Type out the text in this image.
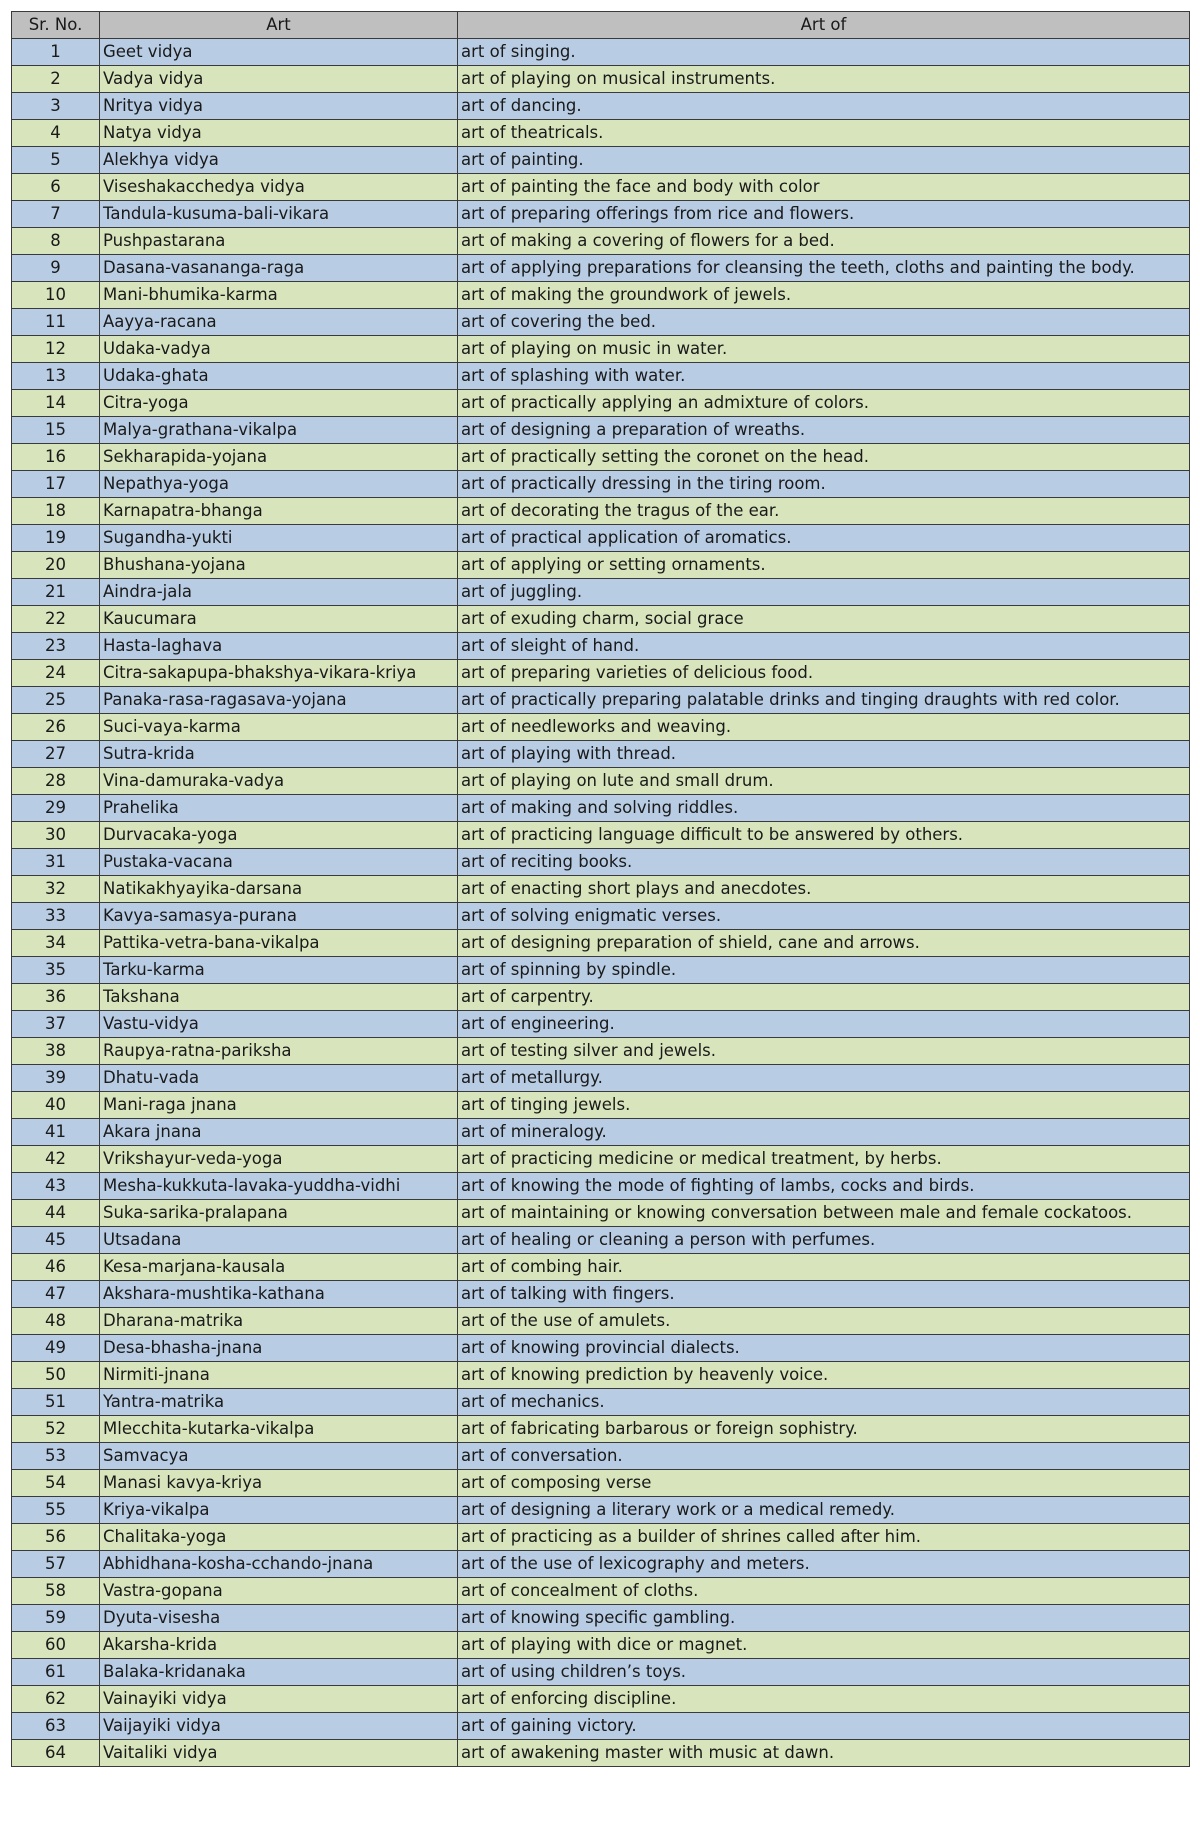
Sr. No.	Art	Art of
1	Geet vidya	art of singing.
2	Vadya vidya	art of playing on musical instruments.
3	Nritya vidya	art of dancing.
4	Natya vidya	art of theatricals.
5	Alekhya vidya	art of painting.
6	Viseshakacchedya vidya	art of painting the face and body with color
7	Tandula-kusuma-bali-vikara	art of preparing offerings from rice and flowers.
8	Pushpastarana	art of making a covering of flowers for a bed.
9	Dasana-vasananga-raga	art of applying preparations for cleansing the teeth, cloths and painting the body.
10	Mani-bhumika-karma	art of making the groundwork of jewels.
11	Aayya-racana	art of covering the bed.
12	Udaka-vadya	art of playing on music in water.
13	Udaka-ghata	art of splashing with water.
14	Citra-yoga	art of practically applying an admixture of colors.
15	Malya-grathana-vikalpa	art of designing a preparation of wreaths.
16	Sekharapida-yojana	art of practically setting the coronet on the head.
17	Nepathya-yoga	art of practically dressing in the tiring room.
18	Karnapatra-bhanga	art of decorating the tragus of the ear.
19	Sugandha-yukti	art of practical application of aromatics.
20	Bhushana-yojana	art of applying or setting ornaments.
21	Aindra-jala	art of juggling.
22	Kaucumara	art of exuding charm, social grace
23	Hasta-laghava	art of sleight of hand.
24	Citra-sakapupa-bhakshya-vikara-kriya	art of preparing varieties of delicious food.
25	Panaka-rasa-ragasava-yojana	art of practically preparing palatable drinks and tinging draughts with red color.
26	Suci-vaya-karma	art of needleworks and weaving.
27	Sutra-krida	art of playing with thread.
28	Vina-damuraka-vadya	art of playing on lute and small drum.
29	Prahelika	art of making and solving riddles.
30	Durvacaka-yoga	art of practicing language difficult to be answered by others.
31	Pustaka-vacana	art of reciting books.
32	Natikakhyayika-darsana	art of enacting short plays and anecdotes.
33	Kavya-samasya-purana	art of solving enigmatic verses.
34	Pattika-vetra-bana-vikalpa	art of designing preparation of shield, cane and arrows.
35	Tarku-karma	art of spinning by spindle.
36	Takshana	art of carpentry.
37	Vastu-vidya	art of engineering.
38	Raupya-ratna-pariksha	art of testing silver and jewels.
39	Dhatu-vada	art of metallurgy.
40	Mani-raga jnana	art of tinging jewels.
41	Akara jnana	art of mineralogy.
42	Vrikshayur-veda-yoga	art of practicing medicine or medical treatment, by herbs.
43	Mesha-kukkuta-lavaka-yuddha-vidhi	art of knowing the mode of fighting of lambs, cocks and birds.
44	Suka-sarika-pralapana	art of maintaining or knowing conversation between male and female cockatoos.
45	Utsadana	art of healing or cleaning a person with perfumes.
46	Kesa-marjana-kausala	art of combing hair.
47	Akshara-mushtika-kathana	art of talking with fingers.
48	Dharana-matrika	art of the use of amulets.
49	Desa-bhasha-jnana	art of knowing provincial dialects.
50	Nirmiti-jnana	art of knowing prediction by heavenly voice.
51	Yantra-matrika	art of mechanics.
52	Mlecchita-kutarka-vikalpa	art of fabricating barbarous or foreign sophistry.
53	Samvacya	art of conversation.
54	Manasi kavya-kriya	art of composing verse
55	Kriya-vikalpa	art of designing a literary work or a medical remedy.
56	Chalitaka-yoga	art of practicing as a builder of shrines called after him.
57	Abhidhana-kosha-cchando-jnana	art of the use of lexicography and meters.
58	Vastra-gopana	art of concealment of cloths.
59	Dyuta-visesha	art of knowing specific gambling.
60	Akarsha-krida	art of playing with dice or magnet.
61	Balaka-kridanaka	art of using children’s toys.
62	Vainayiki vidya	art of enforcing discipline.
63	Vaijayiki vidya	art of gaining victory.
64	Vaitaliki vidya	art of awakening master with music at dawn.
